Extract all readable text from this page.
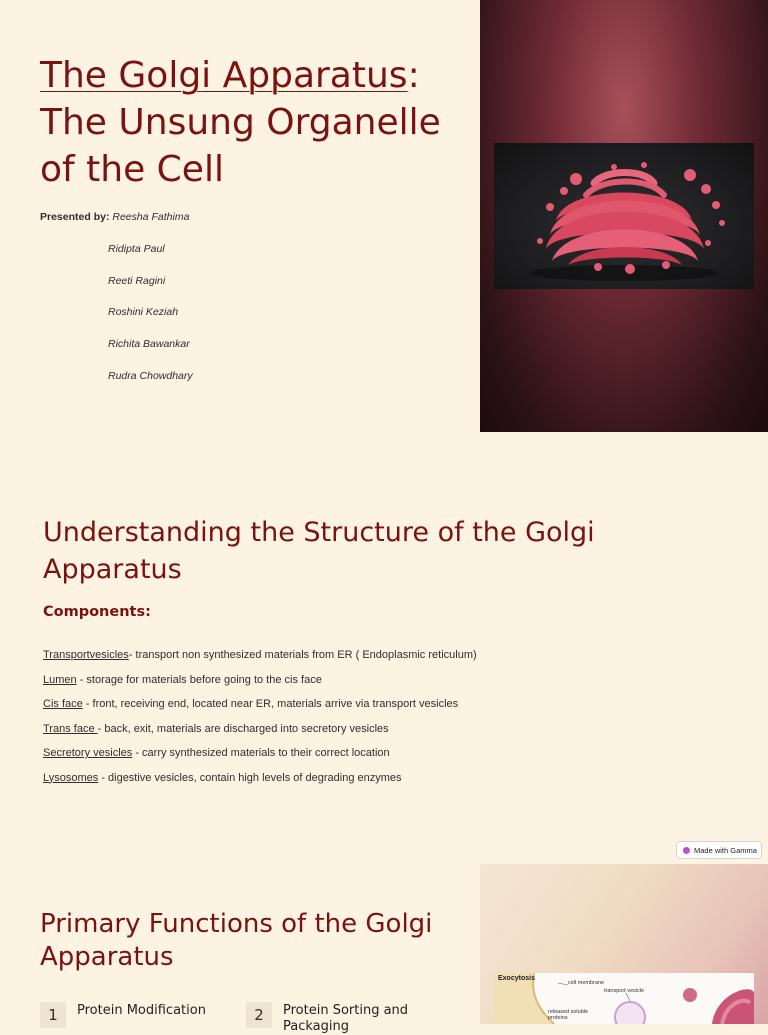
The Golgi Apparatus:
The Unsung Organelle of the Cell
Presented by: Reesha Fathima
Ridipta Paul
Reeti Ragini
Roshini Keziah
Richita Bawankar
Rudra Chowdhary
Understanding the Structure of the Golgi Apparatus
Components:
Transportvesicles- transport non synthesized materials from ER ( Endoplasmic reticulum)
Lumen - storage for materials before going to the cis face
Cis face - front, receiving end, located near ER, materials arrive via transport vesicles
Trans face - back, exit, materials are discharged into secretory vesicles
Secretory vesicles - carry synthesized materials to their correct location
Lysosomes - digestive vesicles, contain high levels of degrading enzymes
Made with Gamma
Primary Functions of the Golgi Apparatus
1	Protein Modification	2	Protein Sorting and Packaging
Exocytosis
cell membrane
transport vesicle
released soluble proteins
